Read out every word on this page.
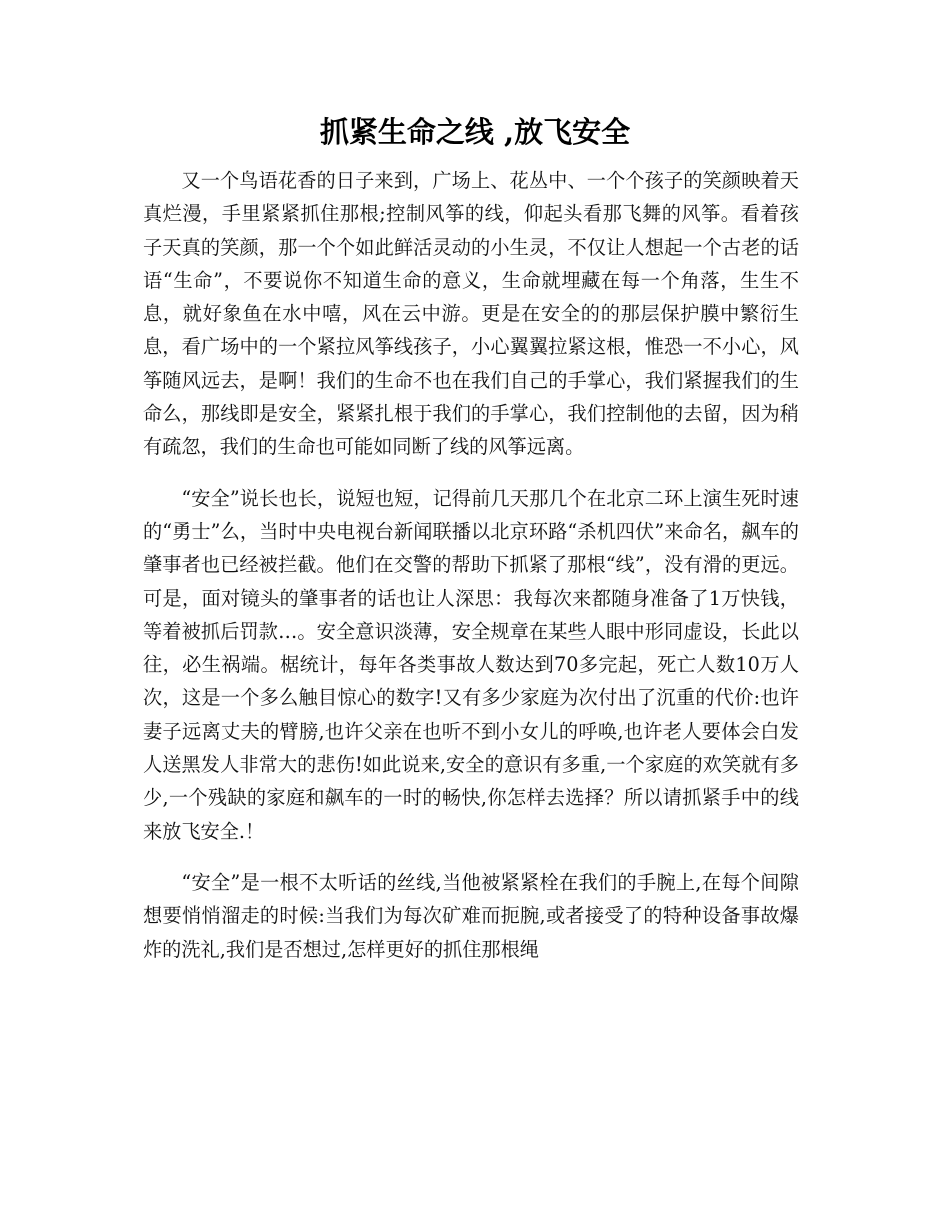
抓紧生命之线 ,放飞安全

又一个鸟语花香的日子来到，广场上、花丛中、一个个孩子的笑颜映着天真烂漫，手里紧紧抓住那根;控制风筝的线，仰起头看那飞舞的风筝。看着孩子天真的笑颜，那一个个如此鲜活灵动的小生灵，不仅让人想起一个古老的话语“生命”，不要说你不知道生命的意义，生命就埋藏在每一个角落，生生不息，就好象鱼在水中嘻，风在云中游。更是在安全的的那层保护膜中繁衍生息，看广场中的一个紧拉风筝线孩子，小心翼翼拉紧这根，惟恐一不小心，风筝随风远去，是啊！我们的生命不也在我们自己的手掌心，我们紧握我们的生命么，那线即是安全，紧紧扎根于我们的手掌心，我们控制他的去留，因为稍有疏忽，我们的生命也可能如同断了线的风筝远离。

“安全”说长也长，说短也短，记得前几天那几个在北京二环上演生死时速的“勇士”么，当时中央电视台新闻联播以北京环路“杀机四伏”来命名，飙车的肇事者也已经被拦截。他们在交警的帮助下抓紧了那根“线”，没有滑的更远。可是，面对镜头的肇事者的话也让人深思：我每次来都随身准备了1万快钱，等着被抓后罚款…。安全意识淡薄，安全规章在某些人眼中形同虚设，长此以往，必生祸端。椐统计，每年各类事故人数达到70多完起，死亡人数10万人次，这是一个多么触目惊心的数字!又有多少家庭为次付出了沉重的代价:也许妻子远离丈夫的臂膀,也许父亲在也听不到小女儿的呼唤,也许老人要体会白发人送黑发人非常大的悲伤!如此说来,安全的意识有多重,一个家庭的欢笑就有多少,一个残缺的家庭和飙车的一时的畅快,你怎样去选择？所以请抓紧手中的线来放飞安全.！

“安全”是一根不太听话的丝线,当他被紧紧栓在我们的手腕上,在每个间隙想要悄悄溜走的时候:当我们为每次矿难而扼腕,或者接受了的特种设备事故爆炸的洗礼,我们是否想过,怎样更好的抓住那根绳
